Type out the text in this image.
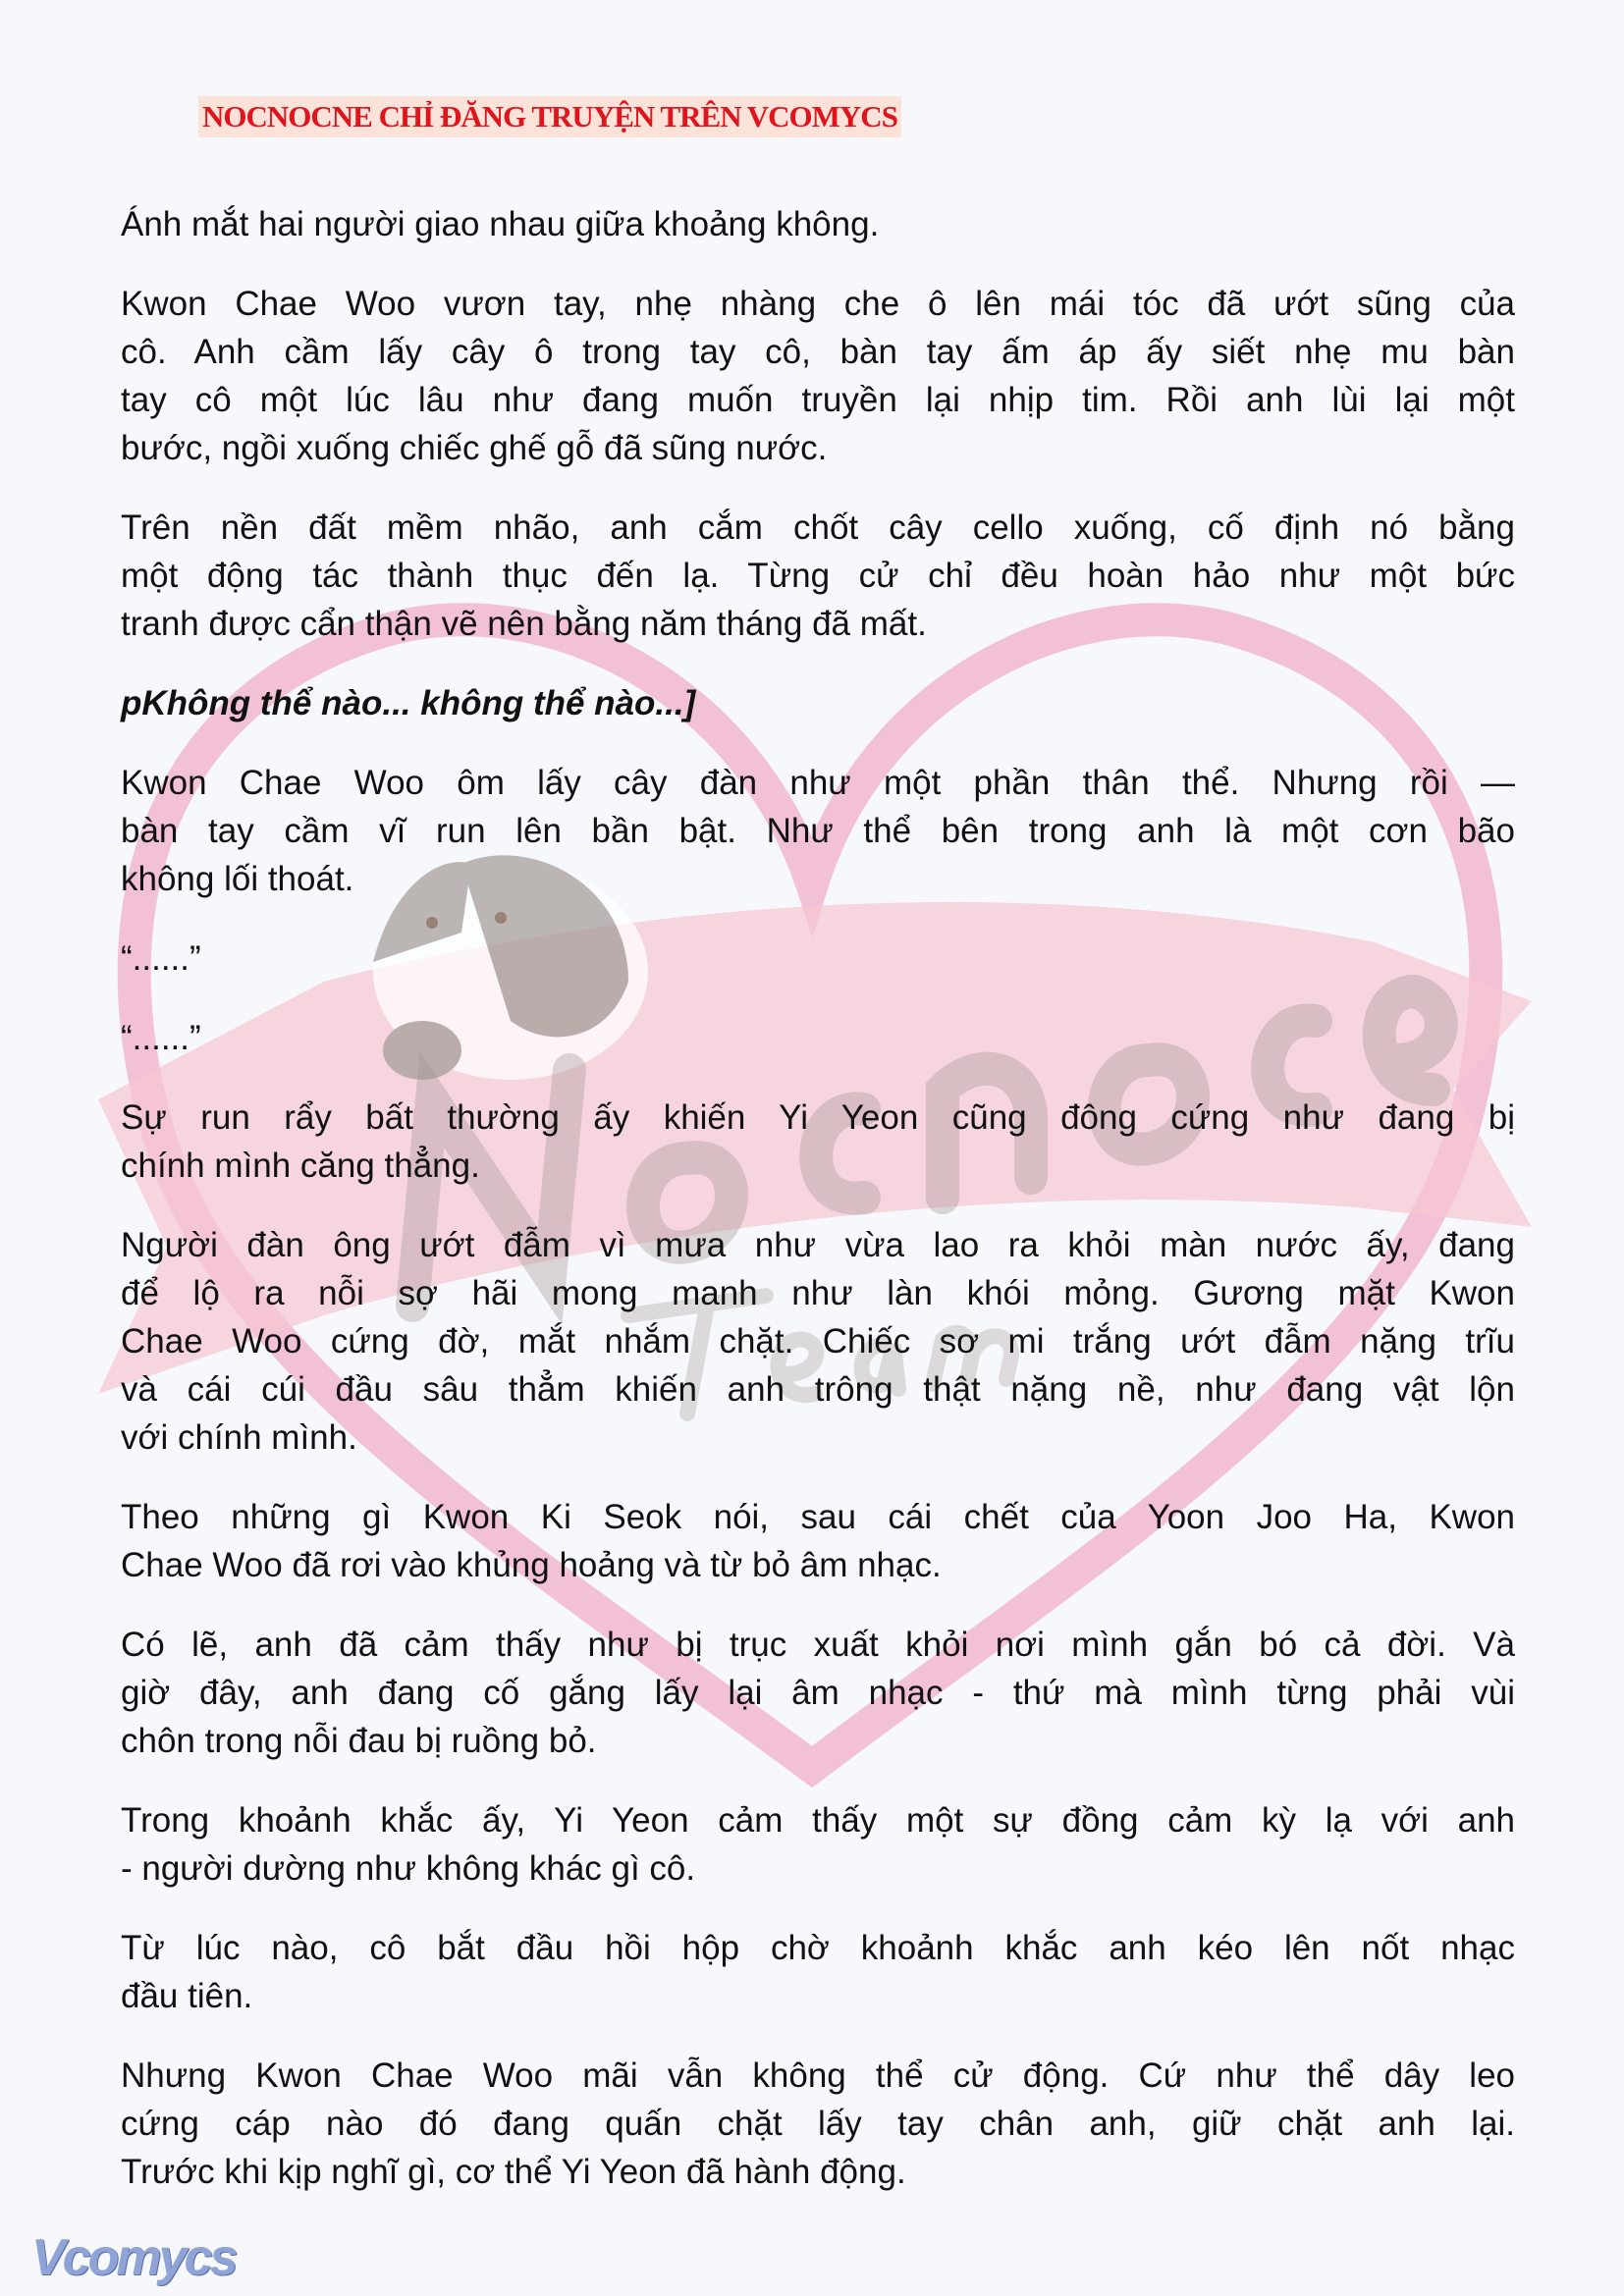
NOCNOCNE CHỈ ĐĂNG TRUYỆN TRÊN VCOMYCS
Ánh mắt hai người giao nhau giữa khoảng không.
Kwon Chae Woo vươn tay, nhẹ nhàng che ô lên mái tóc đã ướt sũng của
cô. Anh cầm lấy cây ô trong tay cô, bàn tay ấm áp ấy siết nhẹ mu bàn
tay cô một lúc lâu như đang muốn truyền lại nhịp tim. Rồi anh lùi lại một
bước, ngồi xuống chiếc ghế gỗ đã sũng nước.
Trên nền đất mềm nhão, anh cắm chốt cây cello xuống, cố định nó bằng
một động tác thành thục đến lạ. Từng cử chỉ đều hoàn hảo như một bức
tranh được cẩn thận vẽ nên bằng năm tháng đã mất.
pKhông thể nào... không thể nào...]
Kwon Chae Woo ôm lấy cây đàn như một phần thân thể. Nhưng rồi —
bàn tay cầm vĩ run lên bần bật. Như thể bên trong anh là một cơn bão
không lối thoát.
“......”
“......”
Sự run rẩy bất thường ấy khiến Yi Yeon cũng đông cứng như đang bị
chính mình căng thẳng.
Người đàn ông ướt đẫm vì mưa như vừa lao ra khỏi màn nước ấy, đang
để lộ ra nỗi sợ hãi mong manh như làn khói mỏng. Gương mặt Kwon
Chae Woo cứng đờ, mắt nhắm chặt. Chiếc sơ mi trắng ướt đẫm nặng trĩu
và cái cúi đầu sâu thẳm khiến anh trông thật nặng nề, như đang vật lộn
với chính mình.
Theo những gì Kwon Ki Seok nói, sau cái chết của Yoon Joo Ha, Kwon
Chae Woo đã rơi vào khủng hoảng và từ bỏ âm nhạc.
Có lẽ, anh đã cảm thấy như bị trục xuất khỏi nơi mình gắn bó cả đời. Và
giờ đây, anh đang cố gắng lấy lại âm nhạc - thứ mà mình từng phải vùi
chôn trong nỗi đau bị ruồng bỏ.
Trong khoảnh khắc ấy, Yi Yeon cảm thấy một sự đồng cảm kỳ lạ với anh
- người dường như không khác gì cô.
Từ lúc nào, cô bắt đầu hồi hộp chờ khoảnh khắc anh kéo lên nốt nhạc
đầu tiên.
Nhưng Kwon Chae Woo mãi vẫn không thể cử động. Cứ như thể dây leo
cứng cáp nào đó đang quấn chặt lấy tay chân anh, giữ chặt anh lại.
Trước khi kịp nghĩ gì, cơ thể Yi Yeon đã hành động.
Vcomycs
